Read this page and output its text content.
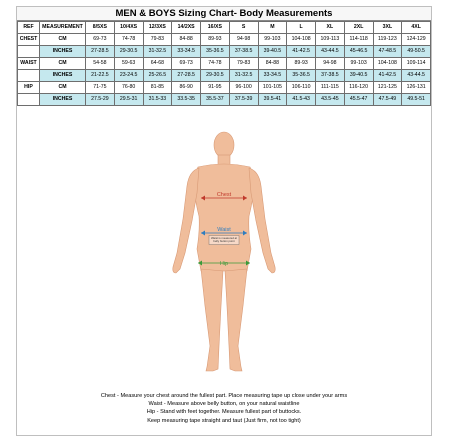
MEN & BOYS Sizing Chart- Body Measurements
REF	MEASUREMENT	8/5XS	10/4XS	12/3XS	14/2XS	16/XS	S	M	L	XL	2XL	3XL	4XL
CHEST	CM	69-73	74-78	79-83	84-88	89-93	94-98	99-103	104-108	109-113	114-118	119-123	124-129
	INCHES	27-28.5	29-30.5	31-32.5	33-34.5	35-36.5	37-38.5	39-40.5	41-42.5	43-44.5	45-46.5	47-48.5	49-50.5
WAIST	CM	54-58	59-63	64-68	69-73	74-78	79-83	84-88	89-93	94-98	99-103	104-108	109-114
	INCHES	21-22.5	23-24.5	25-26.5	27-28.5	29-30.5	31-32.5	33-34.5	35-36.5	37-38.5	39-40.5	41-42.5	43-44.5
HIP	CM	71-75	76-80	81-85	86-90	91-95	96-100	101-105	106-110	111-115	116-120	121-125	126-131
	INCHES	27.5-29	29.5-31	31.5-33	33.5-35	35.5-37	37.5-39	39.5-41	41.5-43	43.5-45	45.5-47	47.5-49	49.5-51
Chest
Waist
Waist is measured at belly button point
Hip
Chest - Measure your chest around the fullest part. Place measuring tape up close under your arms
Waist - Measure above belly button, on your natural waistline
Hip - Stand with feet together. Measure fullest part of buttocks.
Keep measuring tape straight and taut (Just firm, not too tight)
